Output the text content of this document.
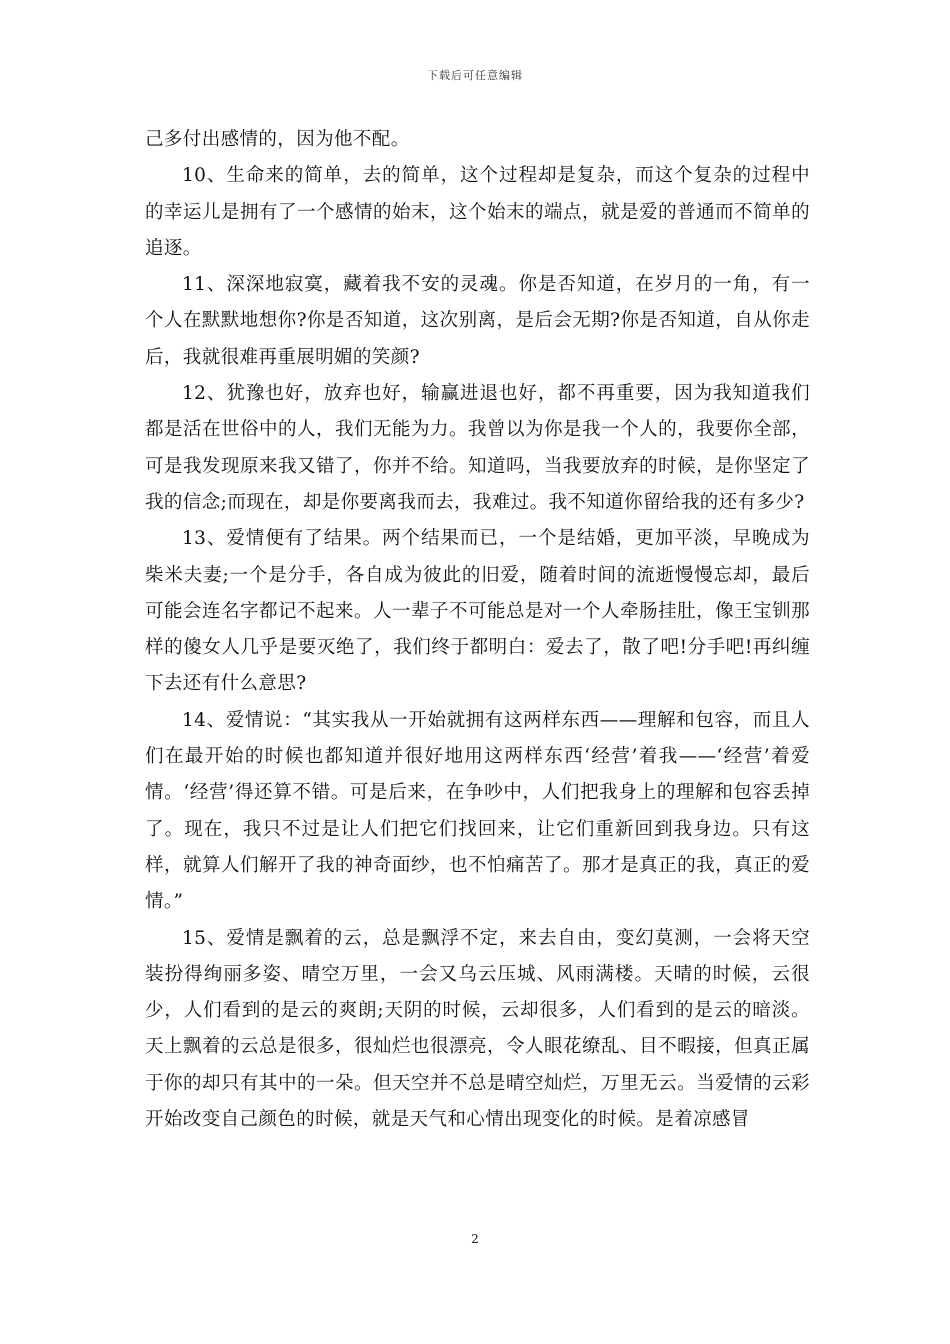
下载后可任意编辑

己多付出感情的，因为他不配。

10、生命来的简单，去的简单，这个过程却是复杂，而这个复杂的过程中的幸运儿是拥有了一个感情的始末，这个始末的端点，就是爱的普通而不简单的追逐。

11、深深地寂寞，藏着我不安的灵魂。你是否知道，在岁月的一角，有一个人在默默地想你?你是否知道，这次别离，是后会无期?你是否知道，自从你走后，我就很难再重展明媚的笑颜?

12、犹豫也好，放弃也好，输赢进退也好，都不再重要，因为我知道我们都是活在世俗中的人，我们无能为力。我曾以为你是我一个人的，我要你全部，可是我发现原来我又错了，你并不给。知道吗，当我要放弃的时候，是你坚定了我的信念;而现在，却是你要离我而去，我难过。我不知道你留给我的还有多少?

13、爱情便有了结果。两个结果而已，一个是结婚，更加平淡，早晚成为柴米夫妻;一个是分手，各自成为彼此的旧爱，随着时间的流逝慢慢忘却，最后可能会连名字都记不起来。人一辈子不可能总是对一个人牵肠挂肚，像王宝钏那样的傻女人几乎是要灭绝了，我们终于都明白：爱去了，散了吧!分手吧!再纠缠下去还有什么意思?

14、爱情说：“其实我从一开始就拥有这两样东西——理解和包容，而且人们在最开始的时候也都知道并很好地用这两样东西‘经营’着我——‘经营’着爱情。‘经营’得还算不错。可是后来，在争吵中，人们把我身上的理解和包容丢掉了。现在，我只不过是让人们把它们找回来，让它们重新回到我身边。只有这样，就算人们解开了我的神奇面纱，也不怕痛苦了。那才是真正的我，真正的爱情。”

15、爱情是飘着的云，总是飘浮不定，来去自由，变幻莫测，一会将天空装扮得绚丽多姿、晴空万里，一会又乌云压城、风雨满楼。天晴的时候，云很少，人们看到的是云的爽朗;天阴的时候，云却很多，人们看到的是云的暗淡。天上飘着的云总是很多，很灿烂也很漂亮，令人眼花缭乱、目不暇接，但真正属于你的却只有其中的一朵。但天空并不总是晴空灿烂，万里无云。当爱情的云彩开始改变自己颜色的时候，就是天气和心情出现变化的时候。是着凉感冒

2
